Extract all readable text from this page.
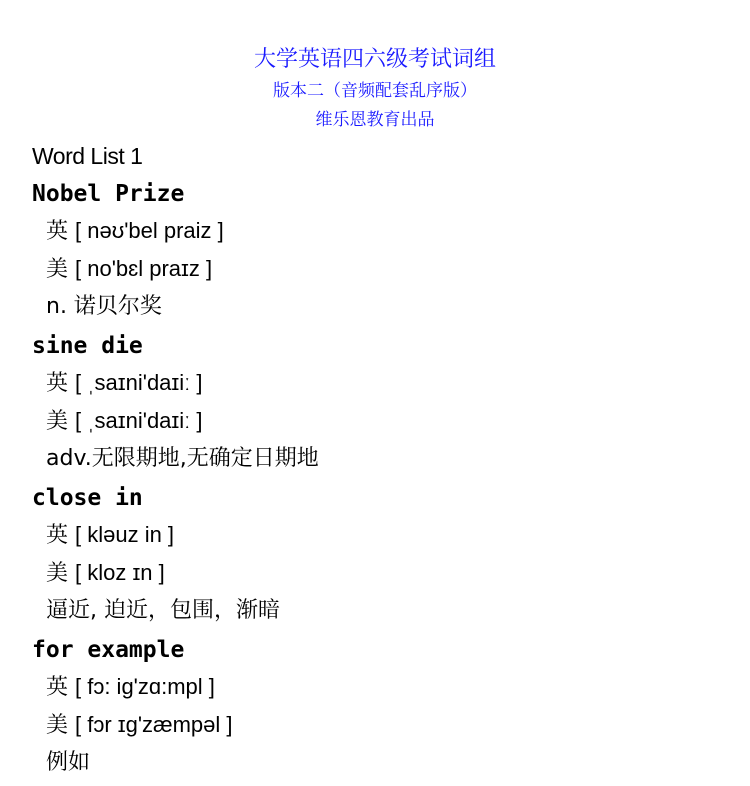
大学英语四六级考试词组
版本二（音频配套乱序版）
维乐恩教育出品
Word List 1
Nobel Prize
英 [ nəʊ'bel praiz ]
美 [ no'bɛl praɪz ]
n. 诺贝尔奖
sine die
英 [ ˌsaɪni'daɪiː ]
美 [ ˌsaɪni'daɪiː ]
adv.无限期地,无确定日期地
close in
英 [ kləuz in ]
美 [ kloz ɪn ]
逼近, 迫近，包围，渐暗
for example
英 [ fɔ: ig'zɑ:mpl ]
美 [ fɔr ɪg'zæmpəl ]
例如
